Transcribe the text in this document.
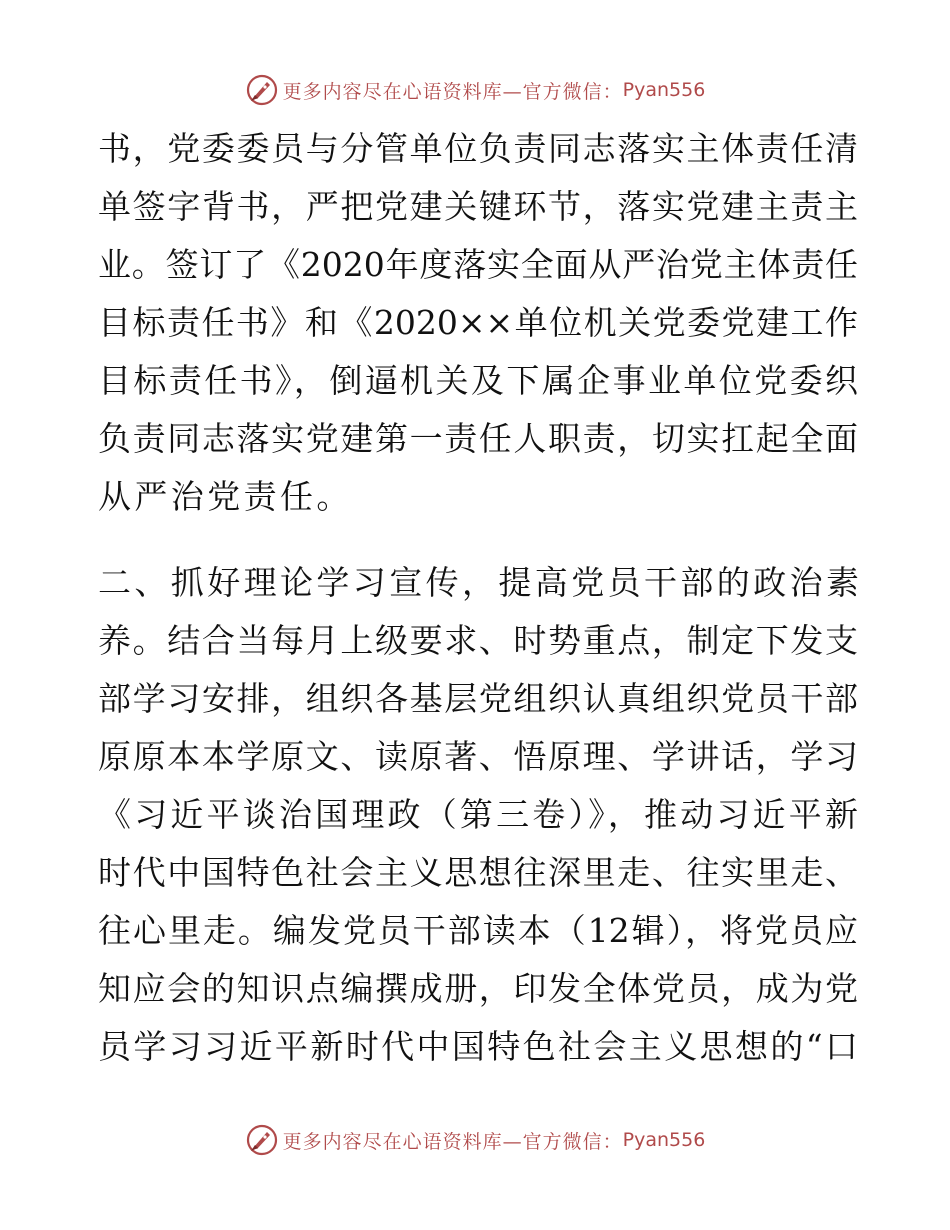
更多内容尽在心语资料库—官方微信： Pyan556
书，党委委员与分管单位负责同志落实主体责任清
单签字背书，严把党建关键环节，落实党建主责主
业。签订了《2020年度落实全面从严治党主体责任
目标责任书》和《2020××单位机关党委党建工作
目标责任书》，倒逼机关及下属企事业单位党委织
负责同志落实党建第一责任人职责，切实扛起全面
从严治党责任。
二、抓好理论学习宣传，提高党员干部的政治素
养。结合当每月上级要求、时势重点，制定下发支
部学习安排，组织各基层党组织认真组织党员干部
原原本本学原文、读原著、悟原理、学讲话，学习
《习近平谈治国理政（第三卷）》，推动习近平新
时代中国特色社会主义思想往深里走、往实里走、
往心里走。编发党员干部读本（12辑），将党员应
知应会的知识点编撰成册，印发全体党员，成为党
员学习习近平新时代中国特色社会主义思想的“口
更多内容尽在心语资料库—官方微信： Pyan556
